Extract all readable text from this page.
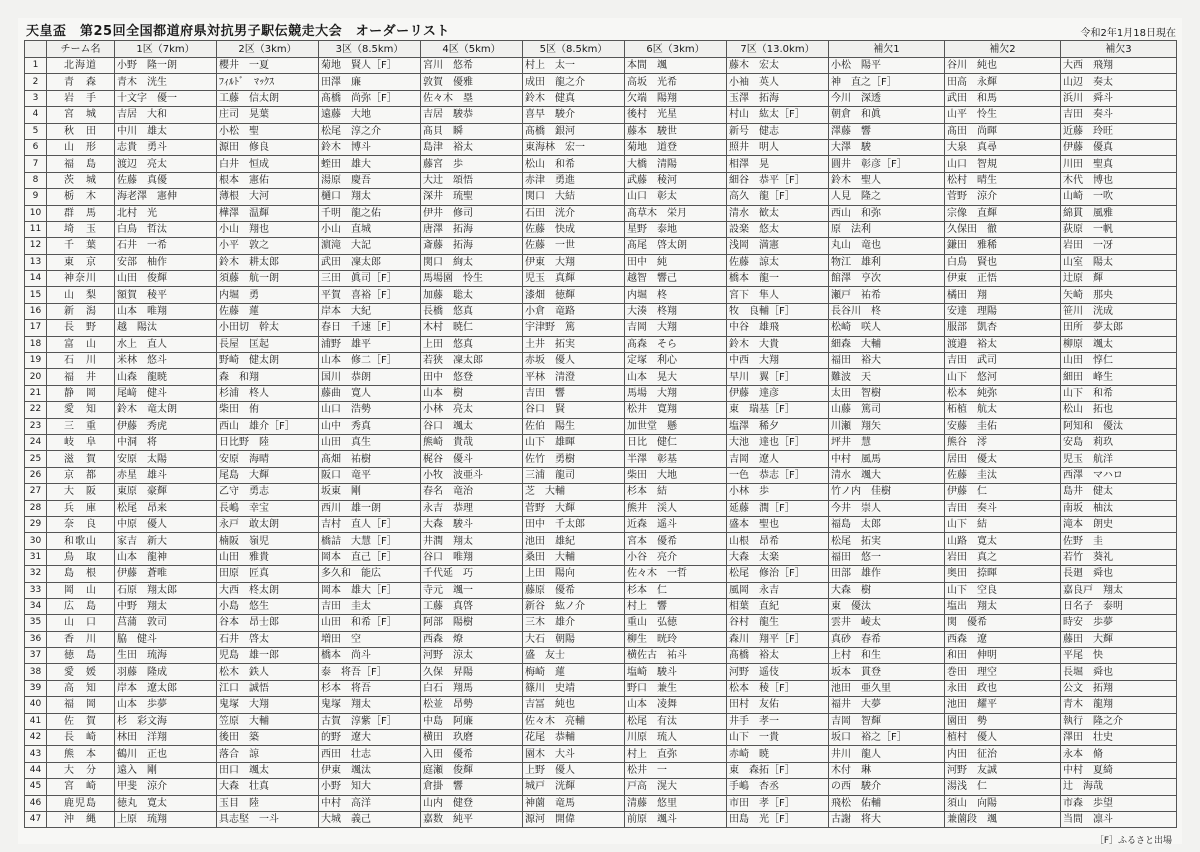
天皇盃　第25回全国都道府県対抗男子駅伝競走大会　オーダーリスト	令和2年1月18日現在
	チーム名	1区（7km）	2区（3km）	3区（8.5km）	4区（5km）	5区（8.5km）	6区（3km）	7区（13.0km）	補欠1	補欠2	補欠3
1	北海道	小野　隆一朗	櫻井　一夏	菊地　賢人［F］	宮川　悠希	村上　太一	本間　颯	藤木　宏太	小松　陽平	谷川　純也	大西　飛翔
2	青　森	青木　洸生	ﾌｨﾙﾄﾞ　ﾏｯｸｽ	田澤　廉	敦賀　優雅	成田　龍之介	高坂　光希	小袖　英人	神　直之［F］	田高　永輝	山辺　奏太
3	岩　手	十文字　優一	工藤　信太朗	髙橋　尚弥［F］	佐々木　塁	鈴木　健真	欠端　陽翔	玉澤　拓海	今川　深透	武田　和馬	浜川　舜斗
4	宮　城	吉居　大和	庄司　晃葉	遠藤　大地	吉居　駿恭	喜早　駿介	後村　光星	村山　紘太［F］	朝倉　和眞	山平　怜生	吉田　奏斗
5	秋　田	中川　雄太	小松　聖	松尾　淳之介	髙貝　瞬	髙橋　銀河	藤本　駿世	新号　健志	澤藤　響	髙田　尚暉	近藤　玲旺
6	山　形	志貴　勇斗	源田　修良	鈴木　博斗	島津　裕太	東海林　宏一	菊地　道登	照井　明人	大澤　駿	大泉　真尋	伊藤　優真
7	福　島	渡辺　亮太	白井　恒成	蛭田　雄大	藤宮　歩	松山　和希	大橋　清陽	相澤　晃	圓井　彰彦［F］	山口　智規	川田　聖真
8	茨　城	佐藤　真優	根本　憲佑	湯原　慶吾	大辻　頌悟	赤津　勇進	武藤　稜河	細谷　恭平［F］	鈴木　聖人	松村　晴生	木代　博也
9	栃　木	海老澤　憲伸	薄根　大河	樋口　翔太	深井　琉聖	関口　大結	山口　彰太	高久　龍［F］	人見　隆之	菅野　涼介	山崎　一吹
10	群　馬	北村　光	樺澤　温輝	千明　龍之佑	伊井　修司	石田　洸介	髙草木　栄月	清水　歓太	西山　和弥	宗像　直輝	綿貫　風雅
11	埼　玉	白鳥　哲汰	小山　翔也	小山　直城	唐澤　拓海	佐藤　快成	星野　泰地	設楽　悠太	原　法利	久保田　徹	荻原　一帆
12	千　葉	石井　一希	小平　敦之	濵滝　大記	斎藤　拓海	佐藤　一世	髙尾　啓太朗	浅岡　満憲	丸山　竜也	鎌田　雅稀	岩田　一冴
13	東　京	安部　柚作	鈴木　耕太郎	武田　凜太郎	関口　絢太	伊東　大翔	田中　純	佐藤　諒太	物江　雄利	白鳥　賢也	山室　陽太
14	神奈川	山田　俊輝	須藤　航一朗	三田　眞司［F］	馬場園　怜生	児玉　真輝	越智　響己	橋本　龍一	館澤　亨次	伊東　正悟	辻原　輝
15	山　梨	額賀　稜平	内堀　勇	平賀　喜裕［F］	加藤　聡太	漆畑　徳輝	内堀　柊	宮下　隼人	瀬戸　祐希	橘田　翔	矢崎　那央
16	新　潟	山本　唯翔	佐藤　蓮	岸本　大紀	長橋　悠真	小倉　竜路	大湊　柊翔	牧　良輔［F］	長谷川　柊	安達　理陽	笹川　洸成
17	長　野	越　陽汰	小田切　幹太	春日　千速［F］	木村　暁仁	宇津野　篤	吉岡　大翔	中谷　雄飛	松崎　咲人	服部　凱杏	田所　夢太郎
18	富　山	水上　直人	長屋　匡起	浦野　雄平	上田　悠真	土井　拓実	髙森　そら	鈴木　大貴	細森　大輔	渡邉　裕太	柳原　颯太
19	石　川	米林　悠斗	野崎　健太朗	山本　修二［F］	若狭　凜太郎	赤坂　優人	定塚　利心	中西　大翔	福田　裕大	吉田　武司	山田　惇仁
20	福　井	山森　龍暁	森　和翔	国川　恭朗	田中　悠登	平林　清澄	山本　晃大	早川　翼［F］	難波　天	山下　悠河	細田　峰生
21	静　岡	尾﨑　健斗	杉浦　柊人	藤曲　寛人	山本　樹	吉田　響	馬場　大翔	伊藤　達彦	太田　智樹	松本　純弥	山下　和希
22	愛　知	鈴木　竜太朗	柴田　侑	山口　浩勢	小林　亮太	谷口　賢	松井　寛翔	東　瑞基［F］	山藤　篤司	柘植　航太	松山　拓也
23	三　重	伊藤　秀虎	西山　雄介［F］	山中　秀真	谷口　颯太	佐伯　陽生	加世堂　懸	塩澤　稀夕	川瀬　翔矢	安藤　圭佑	阿知和　優汰
24	岐　阜	中洞　将	日比野　陸	山田　真生	熊崎　貴哉	山下　雄暉	日比　健仁	大池　達也［F］	坪井　慧	熊谷　澪	安島　莉玖
25	滋　賀	安原　太陽	安原　海晴	髙畑　祐樹	梶谷　優斗	佐竹　勇樹	半澤　彰基	吉岡　遼人	中村　風馬	居田　優太	児玉　航洋
26	京　都	赤星　雄斗	尾島　大輝	阪口　竜平	小牧　波亜斗	三浦　龍司	柴田　大地	一色　恭志［F］	清水　颯大	佐藤　圭汰	西澤　マハロ
27	大　阪	東原　豪輝	乙守　勇志	坂東　剛	春名　竜治	芝　大輔	杉本　結	小林　歩	竹ノ内　佳樹	伊藤　仁	島井　健太
28	兵　庫	松尾　昂来	長嶋　幸宝	西川　雄一朗	永吉　恭理	菅野　大輝	熊井　渓人	延藤　潤［F］	今井　崇人	吉田　奏斗	南坂　柚汰
29	奈　良	中原　優人	永戸　敢太朗	吉村　直人［F］	大森　駿斗	田中　千太郎	近森　遥斗	盛本　聖也	福島　太郎	山下　結	滝本　朗史
30	和歌山	家吉　新大	楠阪　嶺児	橋詰　大慧［F］	井潤　翔太	池田　雄紀	宮本　優希	山根　昂希	松尾　拓実	山路　寛太	佐野　圭
31	鳥　取	山本　龍神	山田　雅貴	岡本　直己［F］	谷口　唯翔	桑田　大輔	小谷　亮介	大森　太楽	福田　悠一	岩田　真之	若竹　葵礼
32	島　根	伊藤　蒼唯	田原　匠真	多久和　能広	千代延　巧	上田　陽向	佐々木　一哲	松尾　修治［F］	田部　雄作	奥田　捺暉	長廻　舜也
33	岡　山	石原　翔太郎	大西　柊太朗	岡本　雄大［F］	寺元　颯一	藤原　優希	杉本　仁	風岡　永吉	大森　樹	山下　空良	嘉良戸　翔太
34	広　島	中野　翔太	小島　悠生	吉田　圭太	工藤　真啓	新谷　紘ノ介	村上　響	相葉　直紀	東　優汰	塩出　翔太	日名子　泰明
35	山　口	莒蒲　敦司	谷本　昂士郎	山田　和希［F］	阿部　陽樹	三木　雄介	重山　弘徳	谷村　龍生	雲井　崚太	関　優希	時安　歩夢
36	香　川	脇　健斗	石井　啓太	増田　空	西森　燎	大石　朝陽	柳生　晄玲	森川　翔平［F］	真砂　春希	西森　遼	藤田　大輝
37	徳　島	生田　琉海	児島　雄一郎	橋本　尚斗	河野　涼太	盛　友士	横佐古　祐斗	髙橋　裕太	上村　和生	和田　伸明	平尾　快
38	愛　媛	羽藤　隆成	松木　鉄人	泰　将吾［F］	久保　昇陽	梅崎　蓮	塩崎　駿斗	河野　遥伎	坂本　貫登	巻田　理空	長堀　舜也
39	高　知	岸本　遼太郎	江口　誠悟	杉本　将吾	白石　翔馬	篠川　史靖	野口　兼生	松本　稜［F］	池田　亜久里	永田　政也	公文　拓翔
40	福　岡	山本　歩夢	鬼塚　大翔	鬼塚　翔太	松並　昂勢	吉冨　純也	山本　凌舞	田村　友佑	福井　大夢	池田　耀平	青木　龍翔
41	佐　賀	杉　彩文海	笠原　大輔	古賀　淳紫［F］	中島　阿廉	佐々木　亮輔	松尾　有汰	井手　孝一	吉岡　智輝	園田　勢	執行　隆之介
42	長　崎	林田　洋翔	後田　築	的野　遼大	横田　玖磨	花尾　恭輔	川原　琉人	山下　一貴	坂口　裕之［F］	植村　優人	澤田　壮史
43	熊　本	鶴川　正也	落合　諒	西田　壮志	入田　優希	園木　大斗	村上　直弥	赤崎　暁	井川　龍人	内田　征治	永本　脩
44	大　分	遠入　剛	田口　颯太	伊東　颯汰	庭瀬　俊輝	上野　優人	松井　一	東　森拓［F］	木付　琳	河野　友誠	中村　夏綺
45	宮　崎	甲斐　涼介	大森　壮真	小野　知大	倉掛　響	城戸　洸輝	戸高　滉大	手嶋　杏丞	の西　駿介	湯浅　仁	辻　海哉
46	鹿児島	徳丸　寛太	玉目　陸	中村　高洋	山内　健登	神薗　竜馬	清藤　悠里	市田　孝［F］	飛松　佑輔	須山　向陽	市森　歩望
47	沖　縄	上原　琉翔	具志堅　一斗	大城　義己	嘉数　純平	源河　開偉	前原　颯斗	田島　光［F］	古謝　将大	兼薗段　颯	当間　凛斗
［F］ふるさと出場
